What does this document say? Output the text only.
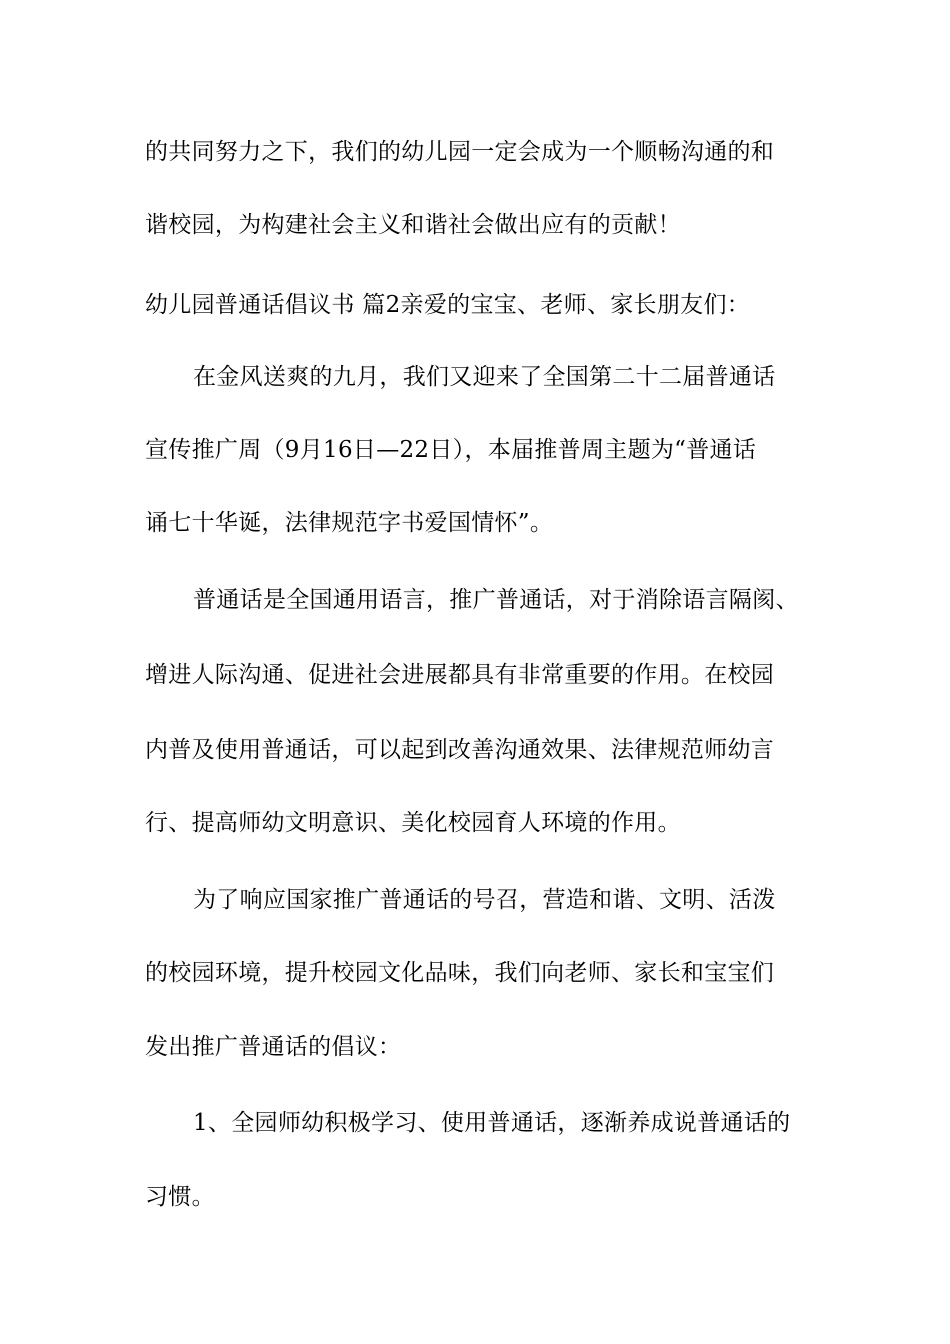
的共同努力之下，我们的幼儿园一定会成为一个顺畅沟通的和
谐校园，为构建社会主义和谐社会做出应有的贡献！
幼儿园普通话倡议书 篇2亲爱的宝宝、老师、家长朋友们：
在金风送爽的九月，我们又迎来了全国第二十二届普通话
宣传推广周（9月16日—22日），本届推普周主题为“普通话
诵七十华诞，法律规范字书爱国情怀”。
普通话是全国通用语言，推广普通话，对于消除语言隔阂、
增进人际沟通、促进社会进展都具有非常重要的作用。在校园
内普及使用普通话，可以起到改善沟通效果、法律规范师幼言
行、提高师幼文明意识、美化校园育人环境的作用。
为了响应国家推广普通话的号召，营造和谐、文明、活泼
的校园环境，提升校园文化品味，我们向老师、家长和宝宝们
发出推广普通话的倡议：
1、全园师幼积极学习、使用普通话，逐渐养成说普通话的
习惯。
